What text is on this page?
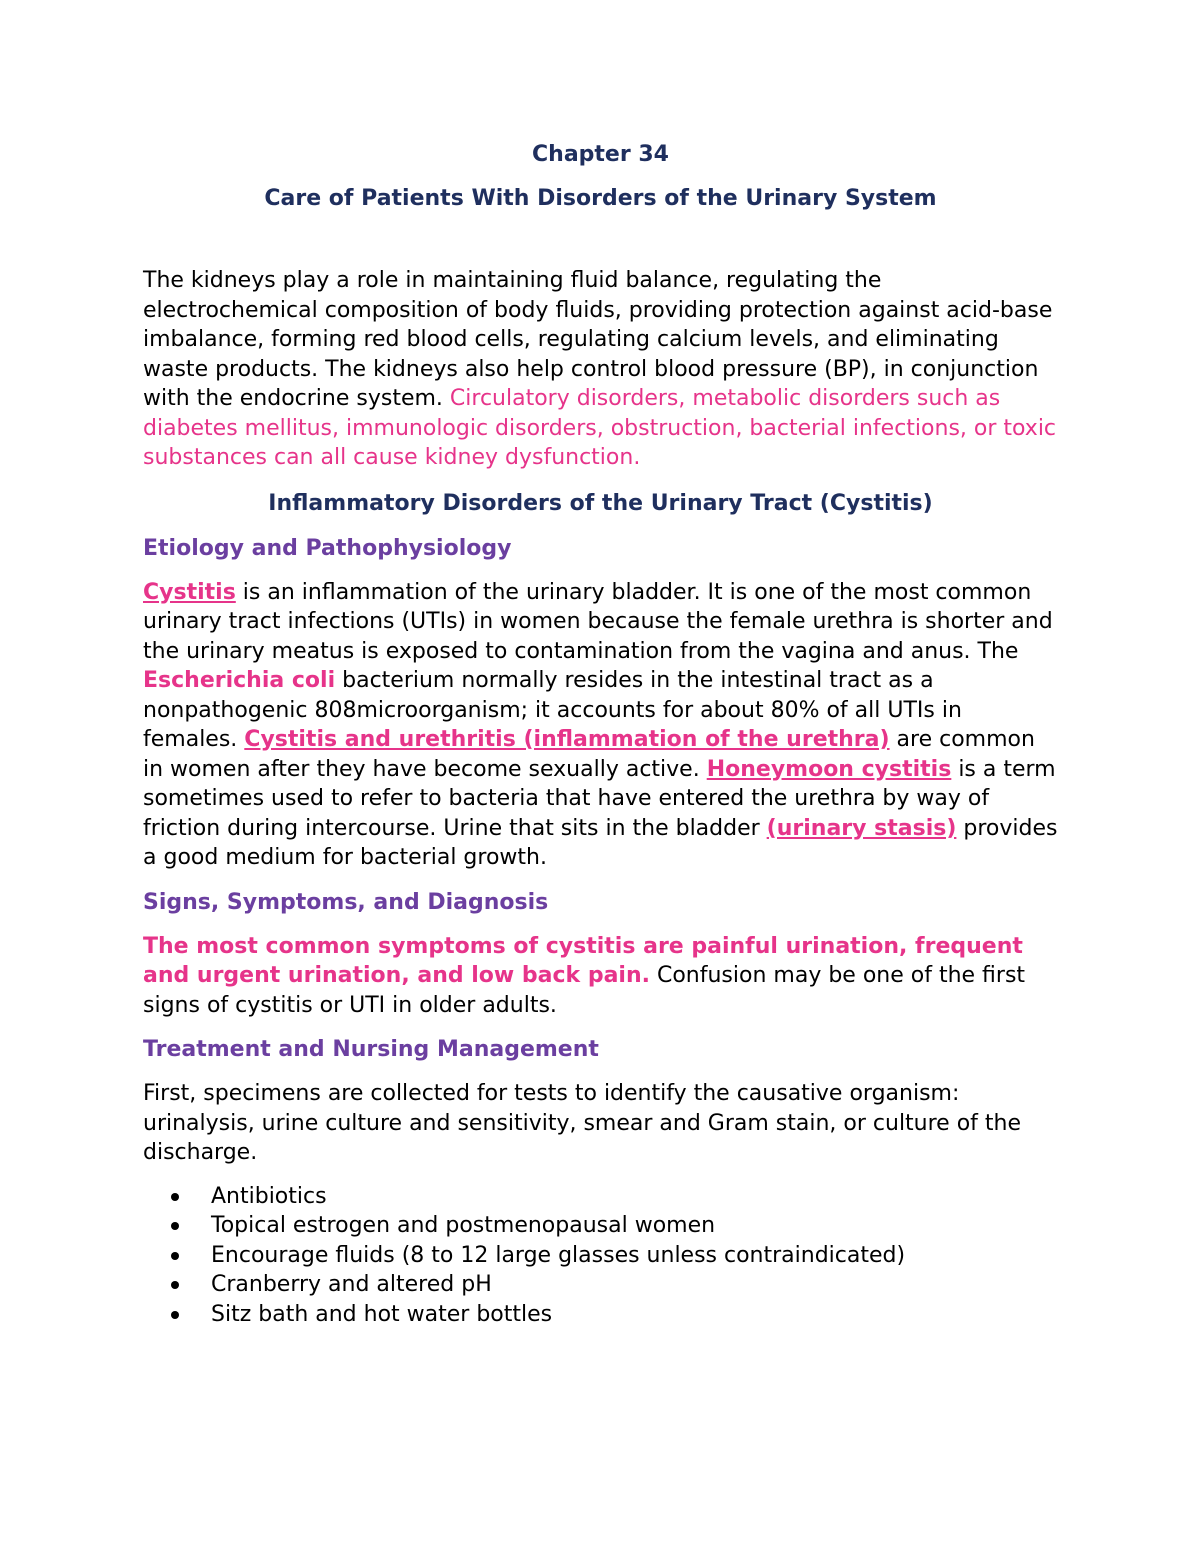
Chapter 34

Care of Patients With Disorders of the Urinary System

The kidneys play a role in maintaining fluid balance, regulating the electrochemical composition of body fluids, providing protection against acid-base imbalance, forming red blood cells, regulating calcium levels, and eliminating waste products. The kidneys also help control blood pressure (BP), in conjunction with the endocrine system. Circulatory disorders, metabolic disorders such as diabetes mellitus, immunologic disorders, obstruction, bacterial infections, or toxic substances can all cause kidney dysfunction.

Inflammatory Disorders of the Urinary Tract (Cystitis)

Etiology and Pathophysiology

Cystitis is an inflammation of the urinary bladder. It is one of the most common urinary tract infections (UTIs) in women because the female urethra is shorter and the urinary meatus is exposed to contamination from the vagina and anus. The Escherichia coli bacterium normally resides in the intestinal tract as a nonpathogenic 808microorganism; it accounts for about 80% of all UTIs in females. Cystitis and urethritis (inflammation of the urethra) are common in women after they have become sexually active. Honeymoon cystitis is a term sometimes used to refer to bacteria that have entered the urethra by way of friction during intercourse. Urine that sits in the bladder (urinary stasis) provides a good medium for bacterial growth.

Signs, Symptoms, and Diagnosis

The most common symptoms of cystitis are painful urination, frequent and urgent urination, and low back pain. Confusion may be one of the first signs of cystitis or UTI in older adults.

Treatment and Nursing Management

First, specimens are collected for tests to identify the causative organism: urinalysis, urine culture and sensitivity, smear and Gram stain, or culture of the discharge.

Antibiotics
Topical estrogen and postmenopausal women
Encourage fluids (8 to 12 large glasses unless contraindicated)
Cranberry and altered pH
Sitz bath and hot water bottles
